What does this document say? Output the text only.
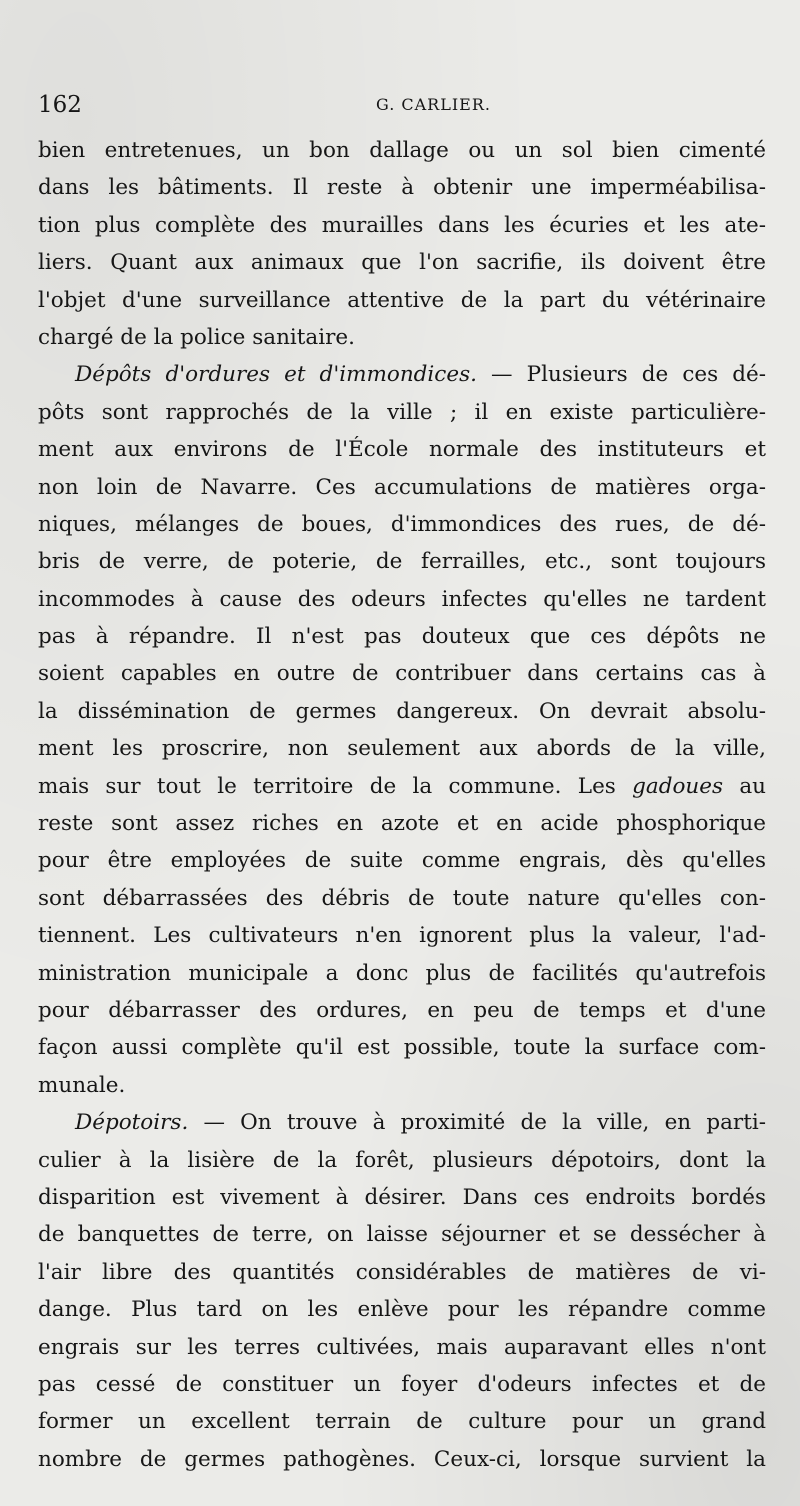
162	G. CARLIER.
bien entretenues, un bon dallage ou un sol bien cimenté
dans les bâtiments. Il reste à obtenir une imperméabilisa-
tion plus complète des murailles dans les écuries et les ate-
liers. Quant aux animaux que l'on sacrifie, ils doivent être
l'objet d'une surveillance attentive de la part du vétérinaire
chargé de la police sanitaire.
Dépôts d'ordures et d'immondices. — Plusieurs de ces dé-
pôts sont rapprochés de la ville ; il en existe particulière-
ment aux environs de l'École normale des instituteurs et
non loin de Navarre. Ces accumulations de matières orga-
niques, mélanges de boues, d'immondices des rues, de dé-
bris de verre, de poterie, de ferrailles, etc., sont toujours
incommodes à cause des odeurs infectes qu'elles ne tardent
pas à répandre. Il n'est pas douteux que ces dépôts ne
soient capables en outre de contribuer dans certains cas à
la dissémination de germes dangereux. On devrait absolu-
ment les proscrire, non seulement aux abords de la ville,
mais sur tout le territoire de la commune. Les gadoues au
reste sont assez riches en azote et en acide phosphorique
pour être employées de suite comme engrais, dès qu'elles
sont débarrassées des débris de toute nature qu'elles con-
tiennent. Les cultivateurs n'en ignorent plus la valeur, l'ad-
ministration municipale a donc plus de facilités qu'autrefois
pour débarrasser des ordures, en peu de temps et d'une
façon aussi complète qu'il est possible, toute la surface com-
munale.
Dépotoirs. — On trouve à proximité de la ville, en parti-
culier à la lisière de la forêt, plusieurs dépotoirs, dont la
disparition est vivement à désirer. Dans ces endroits bordés
de banquettes de terre, on laisse séjourner et se dessécher à
l'air libre des quantités considérables de matières de vi-
dange. Plus tard on les enlève pour les répandre comme
engrais sur les terres cultivées, mais auparavant elles n'ont
pas cessé de constituer un foyer d'odeurs infectes et de
former un excellent terrain de culture pour un grand
nombre de germes pathogènes. Ceux-ci, lorsque survient la
